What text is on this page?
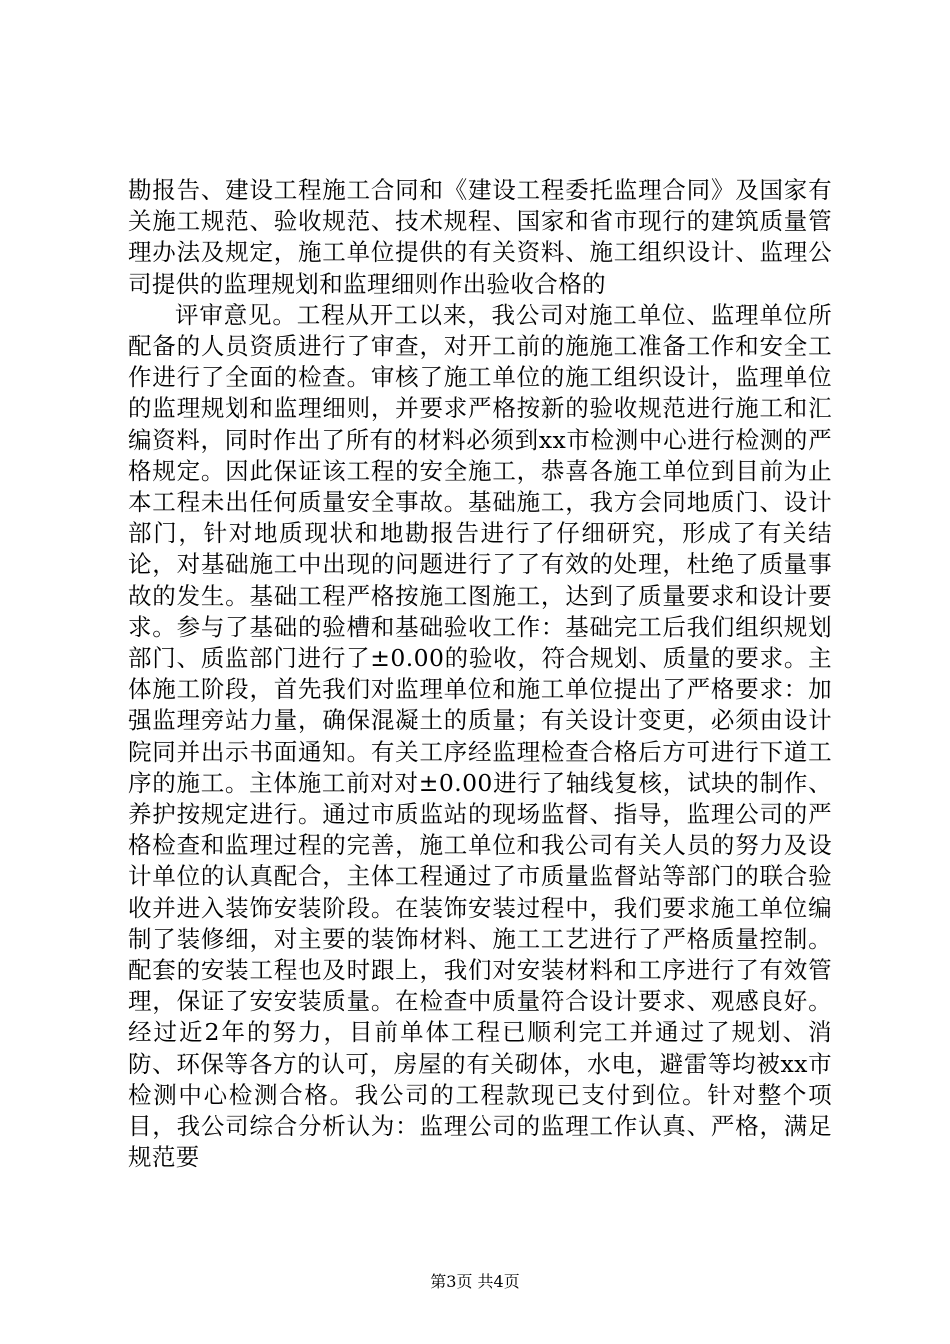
勘报告、建设工程施工合同和《建设工程委托监理合同》及国家有关施工规范、验收规范、技术规程、国家和省市现行的建筑质量管理办法及规定，施工单位提供的有关资料、施工组织设计、监理公司提供的监理规划和监理细则作出验收合格的

评审意见。工程从开工以来，我公司对施工单位、监理单位所配备的人员资质进行了审查，对开工前的施施工准备工作和安全工作进行了全面的检查。审核了施工单位的施工组织设计，监理单位的监理规划和监理细则，并要求严格按新的验收规范进行施工和汇编资料，同时作出了所有的材料必须到xx市检测中心进行检测的严格规定。因此保证该工程的安全施工，恭喜各施工单位到目前为止本工程未出任何质量安全事故。基础施工，我方会同地质门、设计部门，针对地质现状和地勘报告进行了仔细研究，形成了有关结论，对基础施工中出现的问题进行了了有效的处理，杜绝了质量事故的发生。基础工程严格按施工图施工，达到了质量要求和设计要求。参与了基础的验槽和基础验收工作：基础完工后我们组织规划部门、质监部门进行了±0.00的验收，符合规划、质量的要求。主体施工阶段，首先我们对监理单位和施工单位提出了严格要求：加强监理旁站力量，确保混凝土的质量；有关设计变更，必须由设计院同并出示书面通知。有关工序经监理检查合格后方可进行下道工序的施工。主体施工前对对±0.00进行了轴线复核，试块的制作、养护按规定进行。通过市质监站的现场监督、指导，监理公司的严格检查和监理过程的完善，施工单位和我公司有关人员的努力及设计单位的认真配合，主体工程通过了市质量监督站等部门的联合验收并进入装饰安装阶段。在装饰安装过程中，我们要求施工单位编制了装修细，对主要的装饰材料、施工工艺进行了严格质量控制。配套的安装工程也及时跟上，我们对安装材料和工序进行了有效管理，保证了安安装质量。在检查中质量符合设计要求、观感良好。经过近2年的努力，目前单体工程已顺利完工并通过了规划、消防、环保等各方的认可，房屋的有关砌体，水电，避雷等均被xx市检测中心检测合格。我公司的工程款现已支付到位。针对整个项目，我公司综合分析认为：监理公司的监理工作认真、严格，满足规范要

第3页 共4页
